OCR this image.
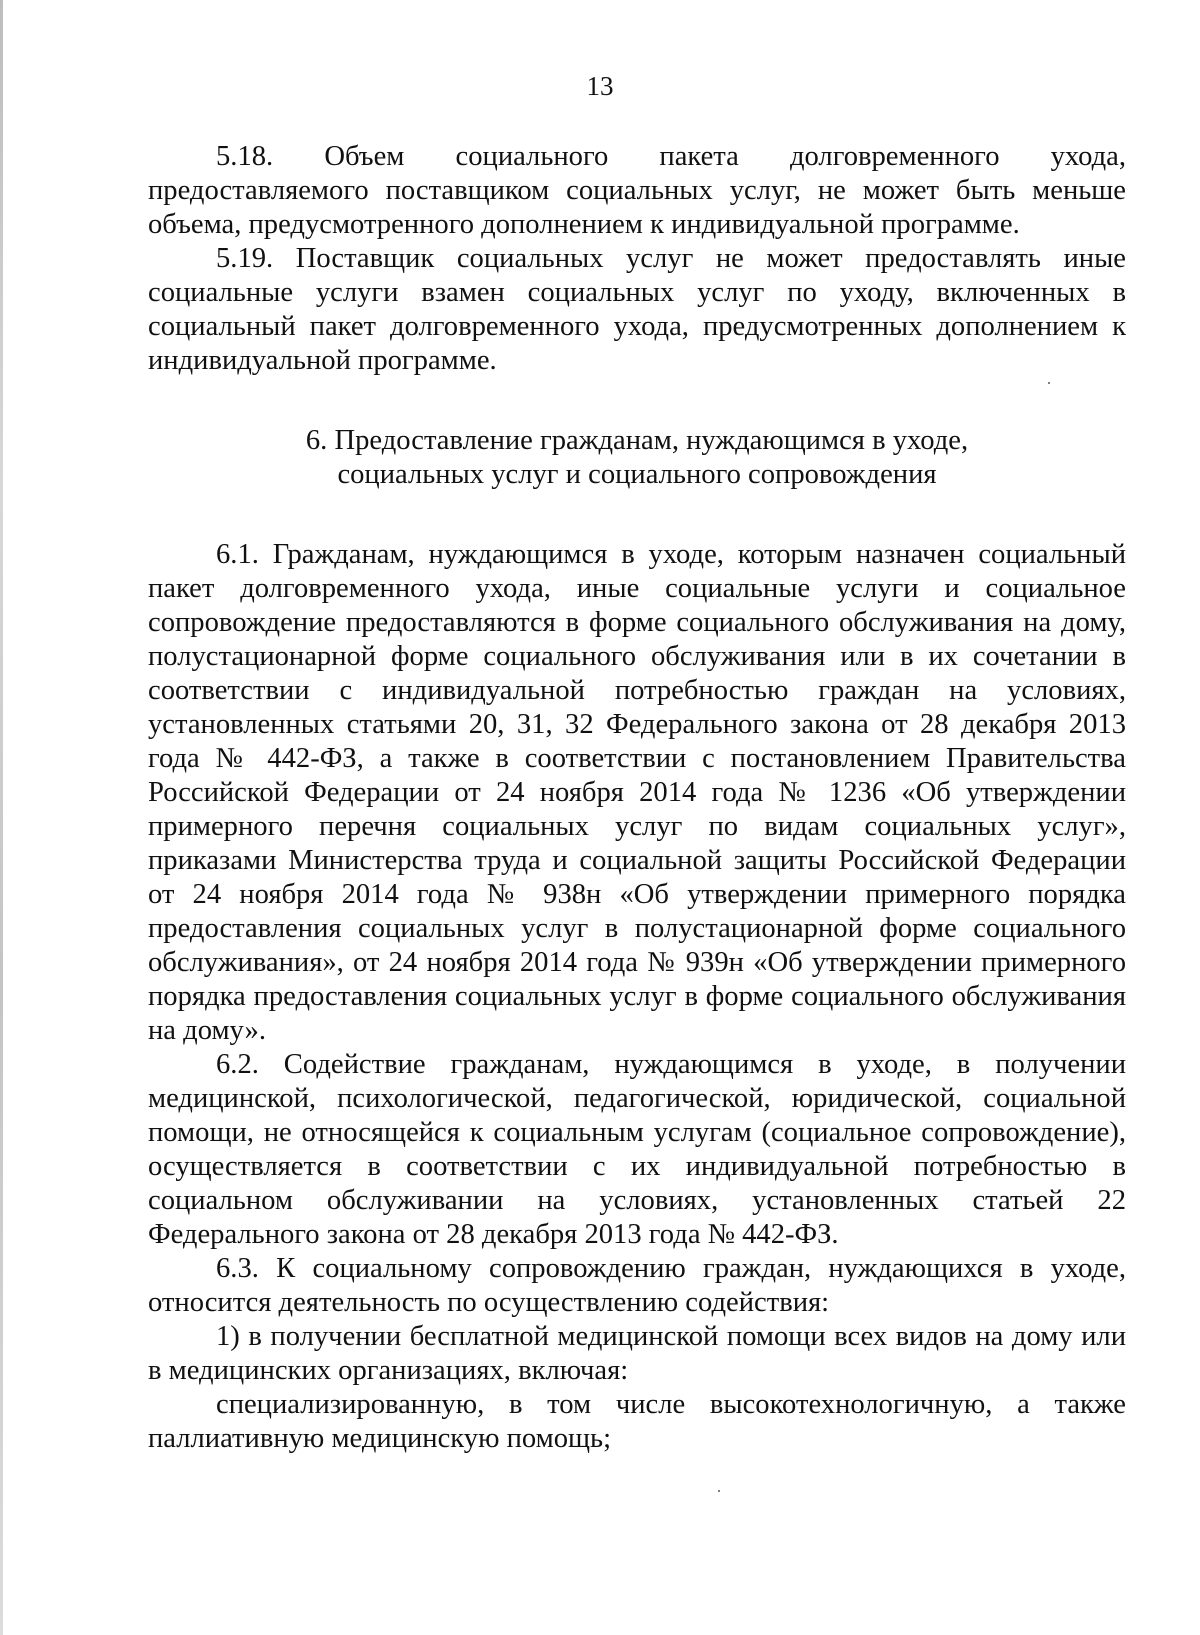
13

5.18. Объем социального пакета долговременного ухода, предоставляемого поставщиком социальных услуг, не может быть меньше объема, предусмотренного дополнением к индивидуальной программе.

5.19. Поставщик социальных услуг не может предоставлять иные социальные услуги взамен социальных услуг по уходу, включенных в социальный пакет долговременного ухода, предусмотренных дополнением к индивидуальной программе.

6. Предоставление гражданам, нуждающимся в уходе,
социальных услуг и социального сопровождения

6.1. Гражданам, нуждающимся в уходе, которым назначен социальный пакет долговременного ухода, иные социальные услуги и социальное сопровождение предоставляются в форме социального обслуживания на дому, полустационарной форме социального обслуживания или в их сочетании в соответствии с индивидуальной потребностью граждан на условиях, установленных статьями 20, 31, 32 Федерального закона от 28 декабря 2013 года № 442-ФЗ, а также в соответствии с постановлением Правительства Российской Федерации от 24 ноября 2014 года № 1236 «Об утверждении примерного перечня социальных услуг по видам социальных услуг», приказами Министерства труда и социальной защиты Российской Федерации от 24 ноября 2014 года № 938н «Об утверждении примерного порядка предоставления социальных услуг в полустационарной форме социального обслуживания», от 24 ноября 2014 года № 939н «Об утверждении примерного порядка предоставления социальных услуг в форме социального обслуживания на дому».

6.2. Содействие гражданам, нуждающимся в уходе, в получении медицинской, психологической, педагогической, юридической, социальной помощи, не относящейся к социальным услугам (социальное сопровождение), осуществляется в соответствии с их индивидуальной потребностью в социальном обслуживании на условиях, установленных статьей 22 Федерального закона от 28 декабря 2013 года № 442-ФЗ.

6.3. К социальному сопровождению граждан, нуждающихся в уходе, относится деятельность по осуществлению содействия:

1) в получении бесплатной медицинской помощи всех видов на дому или в медицинских организациях, включая:

специализированную, в том числе высокотехнологичную, а также паллиативную медицинскую помощь;
